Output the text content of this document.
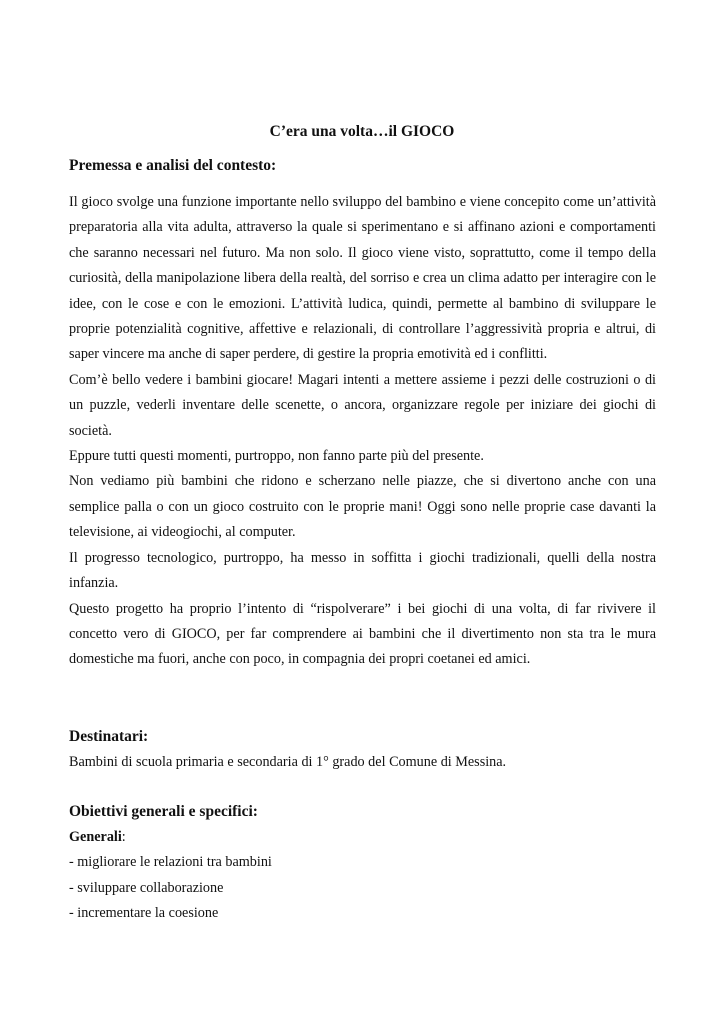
C’era una volta…il GIOCO

Premessa e analisi del contesto:

Il gioco svolge una funzione importante nello sviluppo del bambino e viene concepito come un’attività preparatoria alla vita adulta, attraverso la quale si sperimentano e si affinano azioni e comportamenti che saranno necessari nel futuro. Ma non solo. Il gioco viene visto, soprattutto, come il tempo della curiosità, della manipolazione libera della realtà, del sorriso e crea un clima adatto per interagire con le idee, con le cose e con le emozioni. L’attività ludica, quindi, permette al bambino di sviluppare le proprie potenzialità cognitive, affettive e relazionali, di controllare l’aggressività propria e altrui, di saper vincere ma anche di saper perdere, di gestire la propria emotività ed i conflitti.

Com’è bello vedere i bambini giocare! Magari intenti a mettere assieme i pezzi delle costruzioni o di un puzzle, vederli inventare delle scenette, o ancora, organizzare regole per iniziare dei giochi di società.

Eppure tutti questi momenti, purtroppo, non fanno parte più del presente.

Non vediamo più bambini che ridono e scherzano nelle piazze, che si divertono anche con una semplice palla o con un gioco costruito con le proprie mani! Oggi sono nelle proprie case davanti la televisione, ai videogiochi, al computer.

Il progresso tecnologico, purtroppo, ha messo in soffitta i giochi tradizionali, quelli della nostra infanzia.

Questo progetto ha proprio l’intento di “rispolverare” i bei giochi di una volta, di far rivivere il concetto vero di GIOCO, per far comprendere ai bambini che il divertimento non sta tra le mura domestiche ma fuori, anche con poco, in compagnia dei propri coetanei ed amici.

Destinatari:

Bambini di scuola primaria e secondaria di 1° grado del Comune di Messina.

Obiettivi generali e specifici:

Generali:

- migliorare le relazioni tra bambini

- sviluppare collaborazione

- incrementare la coesione
